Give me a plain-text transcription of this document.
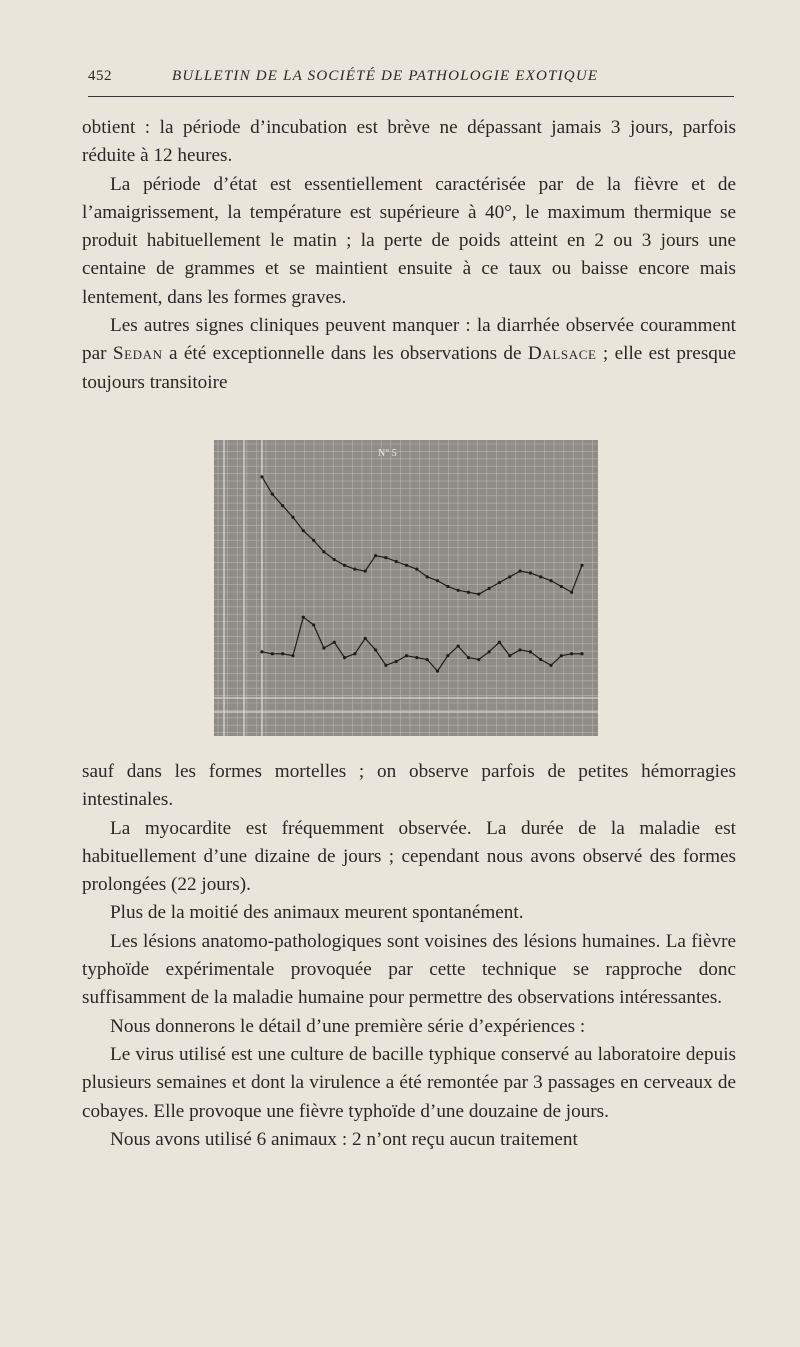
452	BULLETIN DE LA SOCIÉTÉ DE PATHOLOGIE EXOTIQUE

obtient : la période d’incubation est brève ne dépassant jamais 3 jours, parfois réduite à 12 heures.

La période d’état est essentiellement caractérisée par de la fièvre et de l’amaigrissement, la température est supérieure à 40°, le maximum thermique se produit habituellement le matin ; la perte de poids atteint en 2 ou 3 jours une centaine de grammes et se maintient ensuite à ce taux ou baisse encore mais lentement, dans les formes graves.

Les autres signes cliniques peuvent manquer : la diarrhée observée couramment par Sedan a été exceptionnelle dans les observations de Dalsace ; elle est presque toujours transitoire

N° 5

sauf dans les formes mortelles ; on observe parfois de petites hémorragies intestinales.

La myocardite est fréquemment observée. La durée de la maladie est habituellement d’une dizaine de jours ; cependant nous avons observé des formes prolongées (22 jours).

Plus de la moitié des animaux meurent spontanément.

Les lésions anatomo-pathologiques sont voisines des lésions humaines. La fièvre typhoïde expérimentale provoquée par cette technique se rapproche donc suffisamment de la maladie humaine pour permettre des observations intéressantes.

Nous donnerons le détail d’une première série d’expériences :

Le virus utilisé est une culture de bacille typhique conservé au laboratoire depuis plusieurs semaines et dont la virulence a été remontée par 3 passages en cerveaux de cobayes. Elle provoque une fièvre typhoïde d’une douzaine de jours.

Nous avons utilisé 6 animaux : 2 n’ont reçu aucun traitement
